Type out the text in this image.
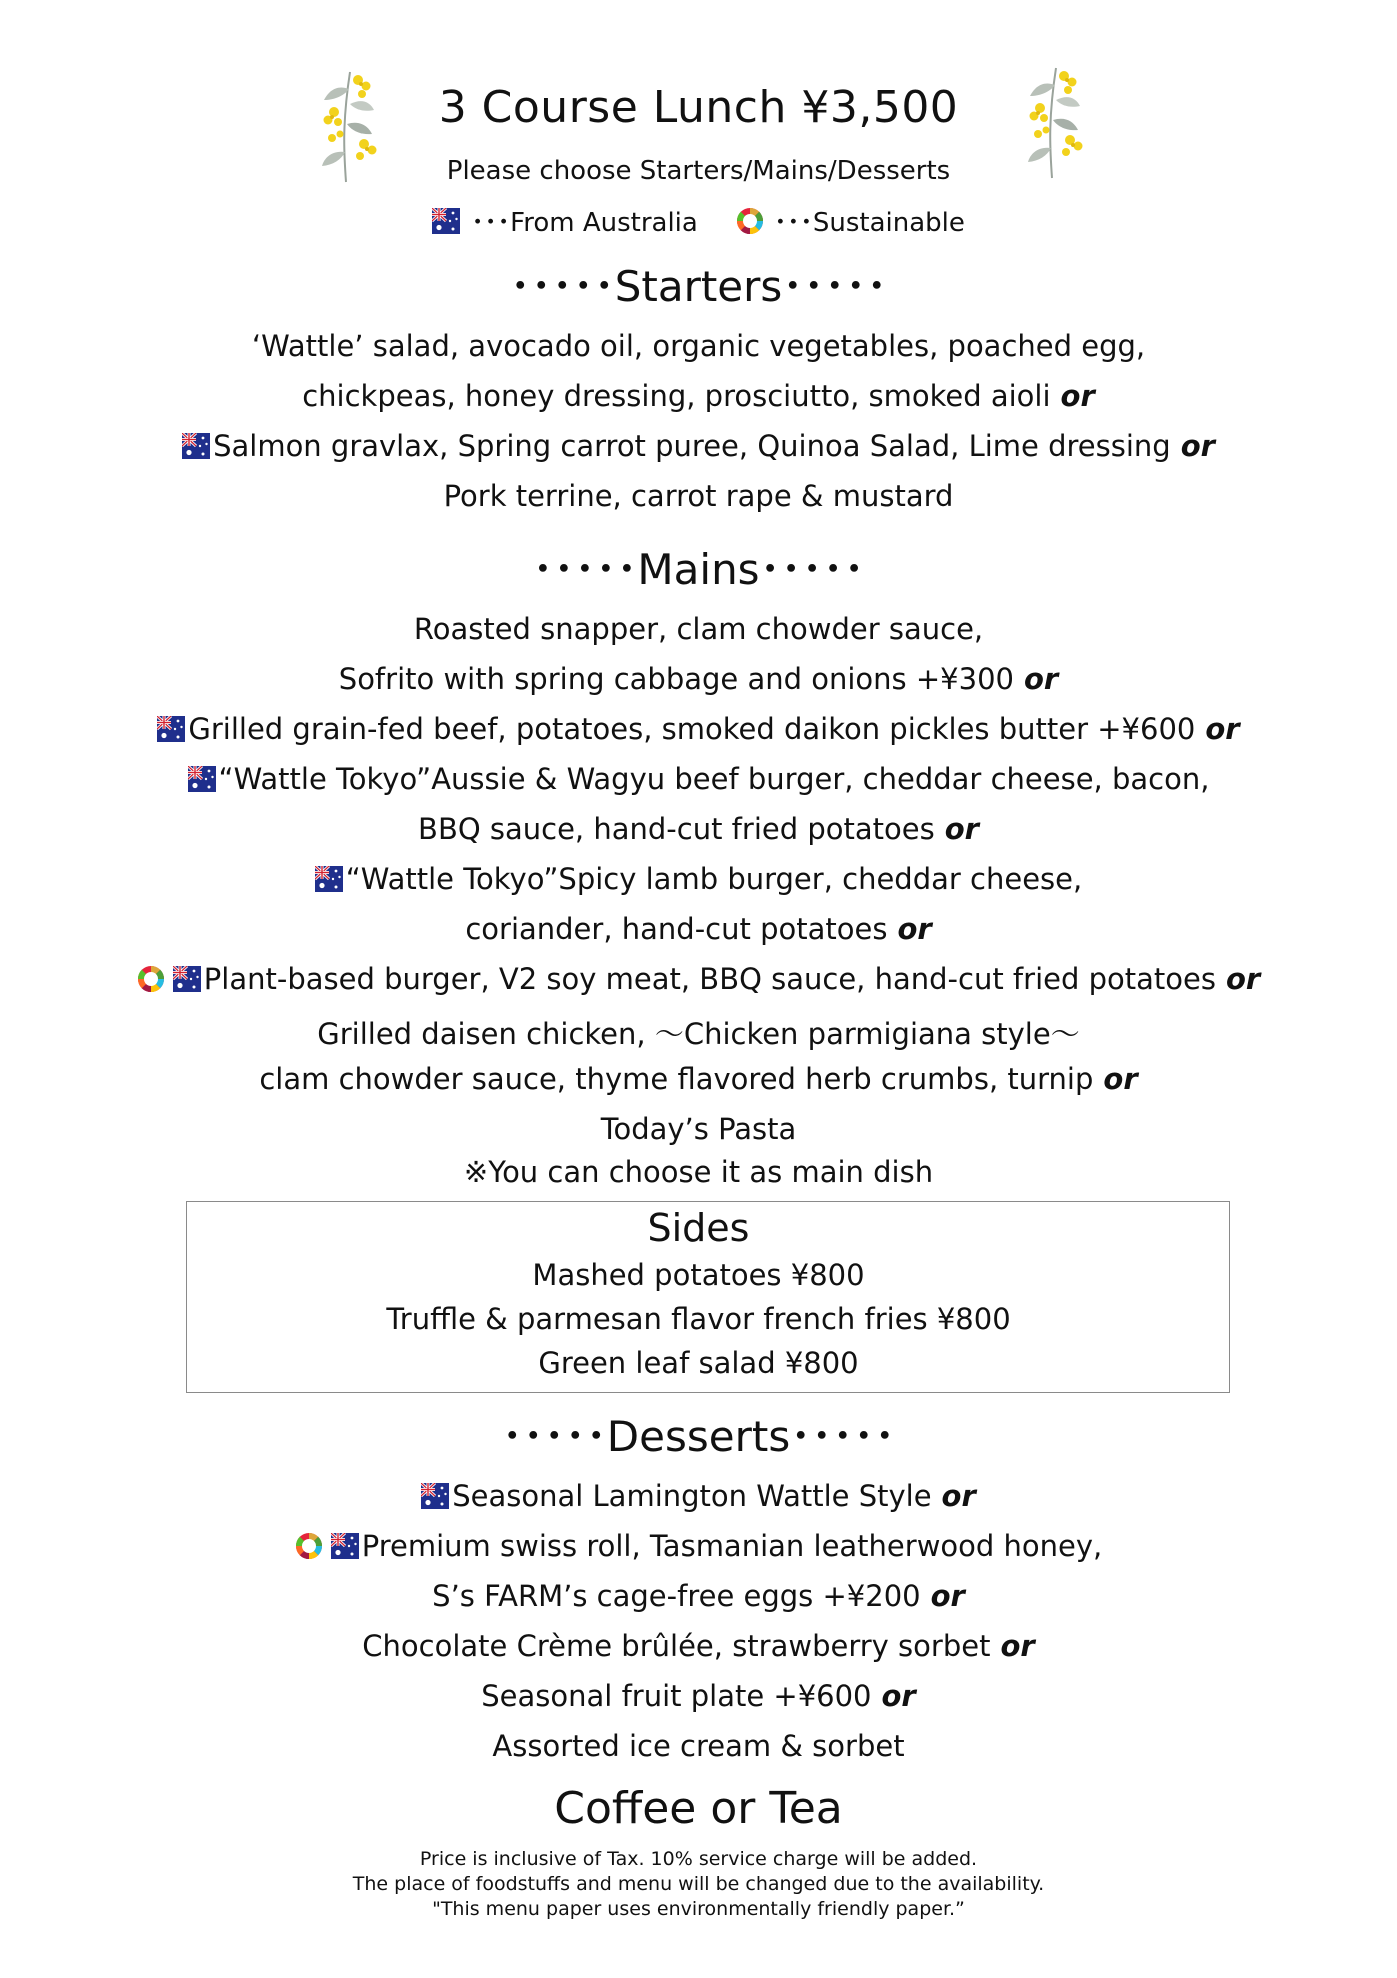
3 Course Lunch ¥3,500
Please choose Starters/Mains/Desserts
･･･From Australia	･･･Sustainable
･････Starters･････
‘Wattle’ salad, avocado oil, organic vegetables, poached egg,
chickpeas, honey dressing, prosciutto, smoked aioli or
Salmon gravlax, Spring carrot puree, Quinoa Salad, Lime dressing or
Pork terrine, carrot rape & mustard
･････Mains･････
Roasted snapper, clam chowder sauce,
Sofrito with spring cabbage and onions +¥300 or
Grilled grain-fed beef, potatoes, smoked daikon pickles butter +¥600 or
“Wattle Tokyo”Aussie & Wagyu beef burger, cheddar cheese, bacon,
BBQ sauce, hand-cut fried potatoes or
“Wattle Tokyo”Spicy lamb burger, cheddar cheese,
coriander, hand-cut potatoes or
Plant-based burger, V2 soy meat, BBQ sauce, hand-cut fried potatoes or
Grilled daisen chicken, ～Chicken parmigiana style～
clam chowder sauce, thyme flavored herb crumbs, turnip or
Today’s Pasta
※You can choose it as main dish
Sides
Mashed potatoes ¥800
Truffle & parmesan flavor french fries ¥800
Green leaf salad ¥800
･････Desserts･････
Seasonal Lamington Wattle Style or
Premium swiss roll, Tasmanian leatherwood honey,
S’s FARM’s cage-free eggs +¥200 or
Chocolate Crème brûlée, strawberry sorbet or
Seasonal fruit plate +¥600 or
Assorted ice cream & sorbet
Coffee or Tea
Price is inclusive of Tax. 10% service charge will be added.
The place of foodstuffs and menu will be changed due to the availability.
"This menu paper uses environmentally friendly paper.”
